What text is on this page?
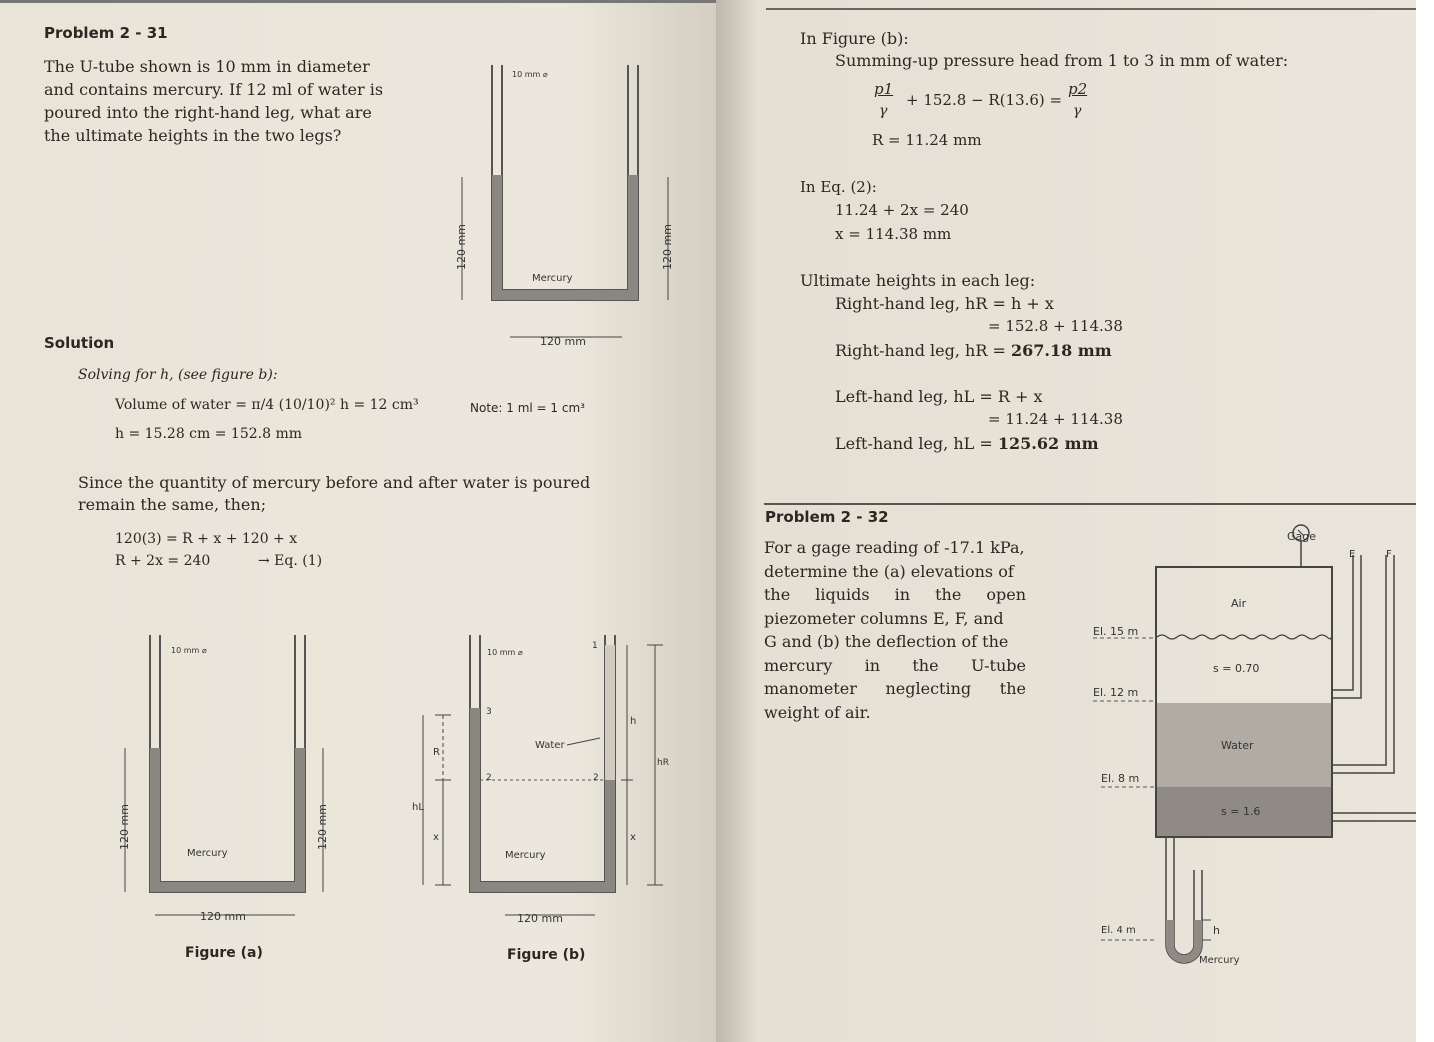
Problem 2 - 31
The U-tube shown is 10 mm in diameter
and contains mercury. If 12 ml of water is
poured into the right-hand leg, what are
the ultimate heights in the two legs?
10 mm ⌀
120 mm	120 mm
Mercury
120 mm
Solution
Solving for h, (see figure b):
Volume of water = π/4 (10/10)² h = 12 cm³	Note: 1 ml = 1 cm³
h = 15.28 cm = 152.8 mm
Since the quantity of mercury before and after water is poured
remain the same, then;
120(3) = R + x + 120 + x
R + 2x = 240	→ Eq. (1)
10 mm ⌀
120 mm	120 mm
Mercury
120 mm
Figure (a)
10 mm ⌀
1
3
2	2
R
hL
x
h
hR
x
Water
Mercury
120 mm
Figure (b)
In Figure (b):
Summing-up pressure head from 1 to 3 in mm of water:
p1
γ
+ 152.8 − R(13.6) =
p2
γ
R = 11.24 mm
In Eq. (2):
11.24 + 2x = 240
x = 114.38 mm
Ultimate heights in each leg:
Right-hand leg, hR = h + x
= 152.8 + 114.38
Right-hand leg, hR = 267.18 mm
Left-hand leg, hL = R + x
= 11.24 + 114.38
Left-hand leg, hL = 125.62 mm
Problem 2 - 32
For a gage reading of -17.1 kPa,
determine the (a) elevations of
the liquids in the open
piezometer columns E, F, and
G and (b) the deflection of the
mercury in the U-tube
manometer neglecting the
weight of air.
Gage
E	F
Air
El. 15 m
s = 0.70
El. 12 m
Water
El. 8 m
s = 1.6
El. 4 m	h
Mercury
